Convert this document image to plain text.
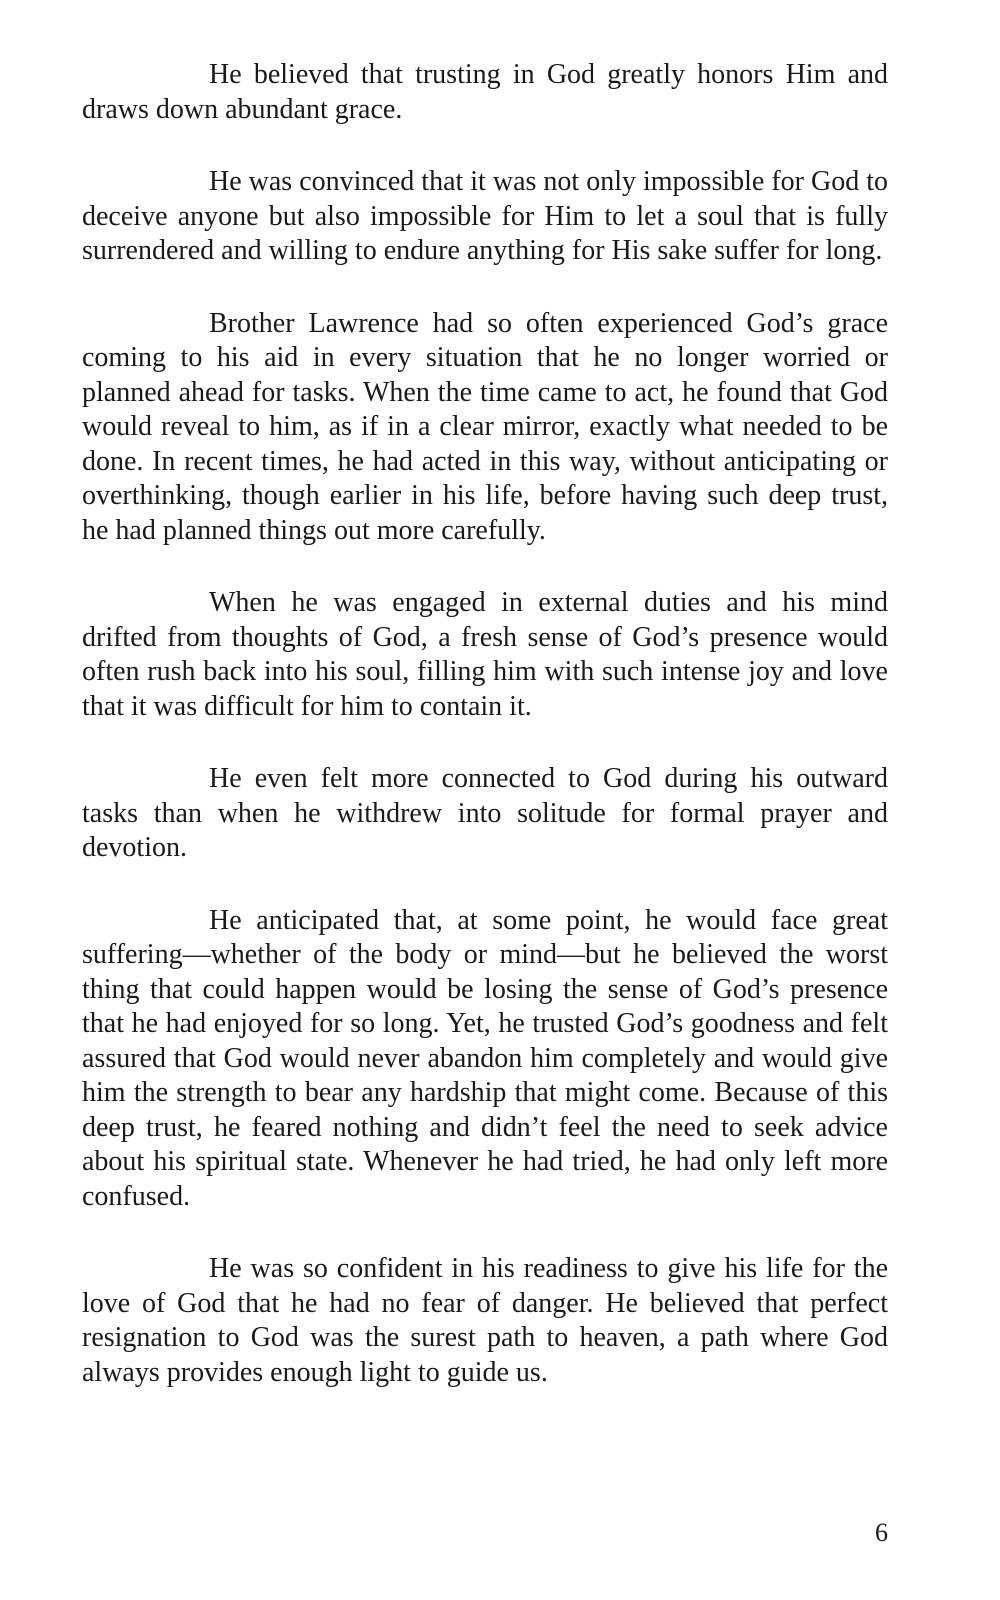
He believed that trusting in God greatly honors Him and draws down abundant grace.

He was convinced that it was not only impossible for God to deceive anyone but also impossible for Him to let a soul that is fully surrendered and willing to endure anything for His sake suffer for long.

Brother Lawrence had so often experienced God’s grace coming to his aid in every situation that he no longer worried or planned ahead for tasks. When the time came to act, he found that God would reveal to him, as if in a clear mirror, exactly what needed to be done. In recent times, he had acted in this way, without anticipating or overthinking, though earlier in his life, before having such deep trust, he had planned things out more carefully.

When he was engaged in external duties and his mind drifted from thoughts of God, a fresh sense of God’s presence would often rush back into his soul, filling him with such intense joy and love that it was difficult for him to contain it.

He even felt more connected to God during his outward tasks than when he withdrew into solitude for formal prayer and devotion.

He anticipated that, at some point, he would face great suffering—whether of the body or mind—but he believed the worst thing that could happen would be losing the sense of God’s presence that he had enjoyed for so long. Yet, he trusted God’s goodness and felt assured that God would never abandon him completely and would give him the strength to bear any hardship that might come. Because of this deep trust, he feared nothing and didn’t feel the need to seek advice about his spiritual state. Whenever he had tried, he had only left more confused.

He was so confident in his readiness to give his life for the love of God that he had no fear of danger. He believed that perfect resignation to God was the surest path to heaven, a path where God always provides enough light to guide us.

6
